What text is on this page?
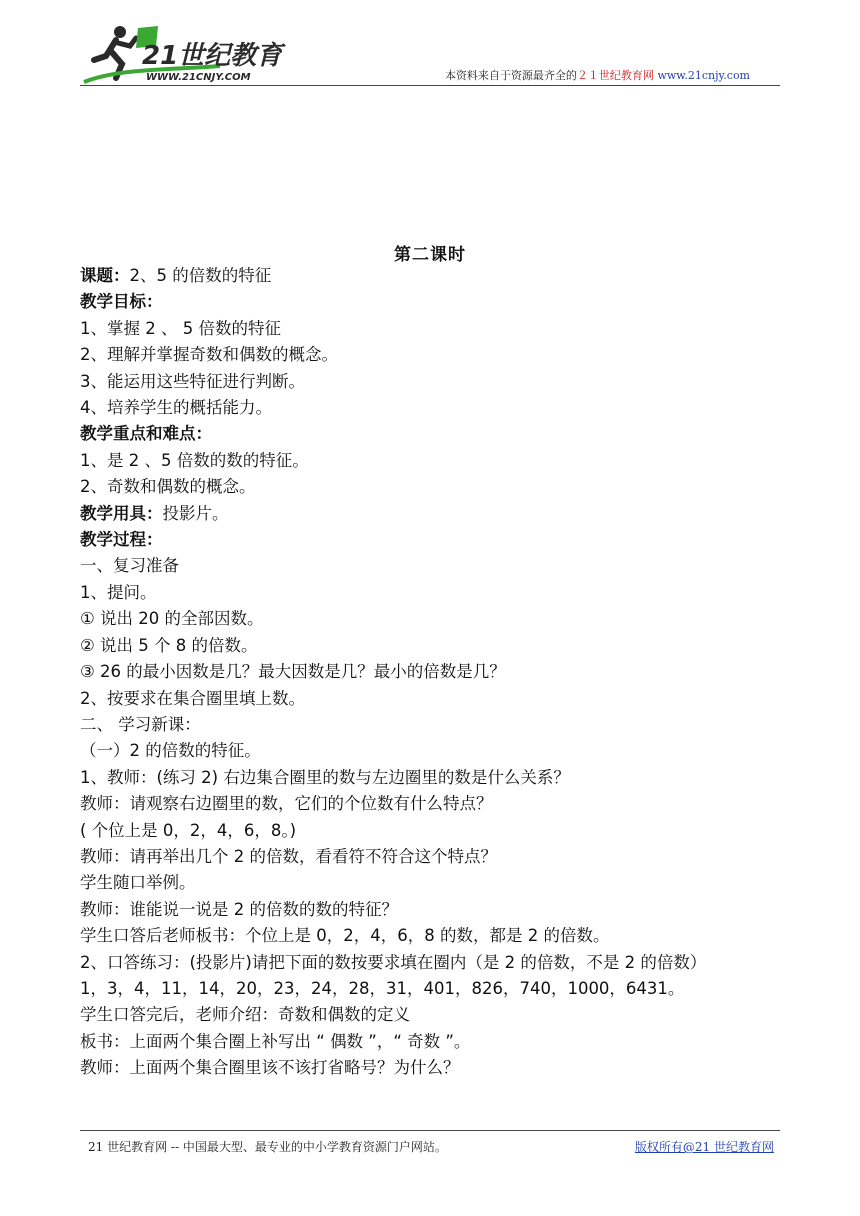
21世纪教育
WWW.21CNJY.COM	本资料来自于资源最齐全的２１世纪教育网 www.21cnjy.com
第二课时
课题：2、5 的倍数的特征
教学目标：
1、掌握 2 、 5 倍数的特征
2、理解并掌握奇数和偶数的概念。
3、能运用这些特征进行判断。
4、培养学生的概括能力。
教学重点和难点：
1、是 2 、5 倍数的数的特征。
2、奇数和偶数的概念。
教学用具：投影片。
教学过程：
一、复习准备
1、提问。
① 说出 20 的全部因数。
② 说出 5 个 8 的倍数。
③ 26 的最小因数是几？最大因数是几？最小的倍数是几？
2、按要求在集合圈里填上数。
二、 学习新课：
（一）2 的倍数的特征。
1、教师：(练习 2) 右边集合圈里的数与左边圈里的数是什么关系？
教师：请观察右边圈里的数，它们的个位数有什么特点？
( 个位上是 0，2，4，6，8。)
教师：请再举出几个 2 的倍数，看看符不符合这个特点？
学生随口举例。
教师：谁能说一说是 2 的倍数的数的特征？
学生口答后老师板书：个位上是 0，2，4，6，8 的数，都是 2 的倍数。
2、口答练习：(投影片)请把下面的数按要求填在圈内（是 2 的倍数，不是 2 的倍数）
1，3，4，11，14，20，23，24，28，31，401，826，740，1000，6431。
学生口答完后，老师介绍：奇数和偶数的定义
板书：上面两个集合圈上补写出 “ 偶数 ”，“ 奇数 ”。
教师：上面两个集合圈里该不该打省略号？为什么？
21 世纪教育网 -- 中国最大型、最专业的中小学教育资源门户网站。	版权所有@21 世纪教育网
